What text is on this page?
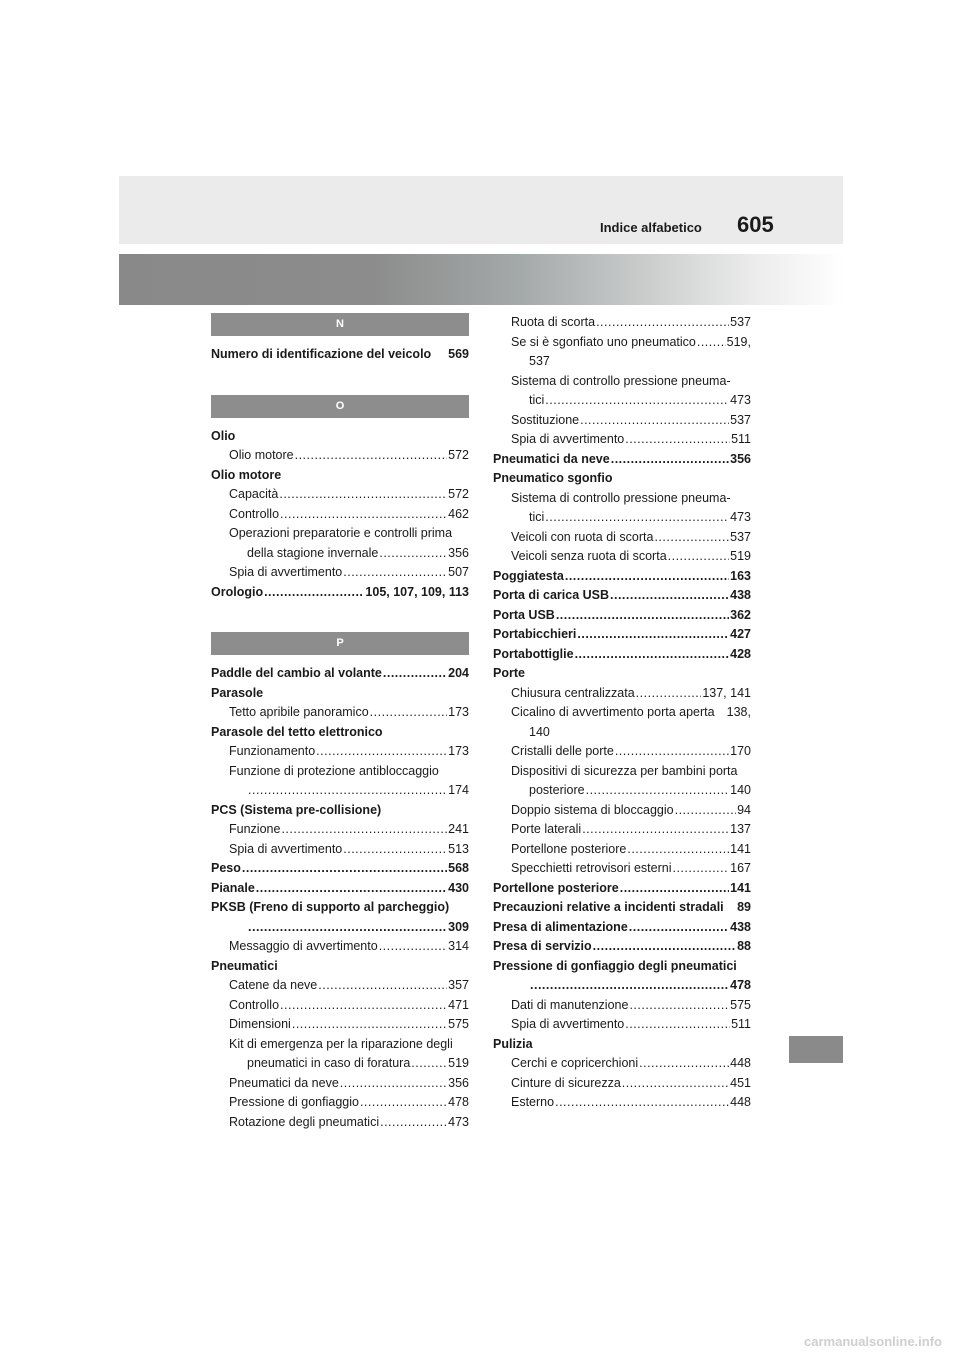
Indice alfabetico 605
N
Numero di identificazione del veicolo 569
O
Olio
Olio motore .....	572
Olio motore
Capacità .....	572
Controllo .....	462
Operazioni preparatorie e controlli prima
della stagione invernale .....	356
Spia di avvertimento .....	507
Orologio .....	105, 107, 109, 113
P
Paddle del cambio al volante .....	204
Parasole
Tetto apribile panoramico .....	173
Parasole del tetto elettronico
Funzionamento .....	173
Funzione di protezione antibloccaggio
.....
174
PCS (Sistema pre-collisione)
Funzione .....	241
Spia di avvertimento .....	513
Peso .....	568
Pianale .....	430
PKSB (Freno di supporto al parcheggio)
.....
309
Messaggio di avvertimento .....	314
Pneumatici
Catene da neve .....	357
Controllo .....	471
Dimensioni .....	575
Kit di emergenza per la riparazione degli
pneumatici in caso di foratura .....	519
Pneumatici da neve .....	356
Pressione di gonfiaggio .....	478
Rotazione degli pneumatici .....	473
Ruota di scorta .....	537
Se si è sgonfiato uno pneumatico ..... 519,
537
Sistema di controllo pressione pneuma-
tici .....	473
Sostituzione .....	537
Spia di avvertimento .....	511
Pneumatici da neve .....	356
Pneumatico sgonfio
Sistema di controllo pressione pneuma-
tici .....	473
Veicoli con ruota di scorta .....	537
Veicoli senza ruota di scorta .....	519
Poggiatesta .....	163
Porta di carica USB .....	438
Porta USB .....	362
Portabicchieri .....	427
Portabottiglie .....	428
Porte
Chiusura centralizzata .....	137, 141
Cicalino di avvertimento porta aperta 138,
140
Cristalli delle porte .....	170
Dispositivi di sicurezza per bambini porta
posteriore .....	140
Doppio sistema di bloccaggio .....	94
Porte laterali .....	137
Portellone posteriore .....	141
Specchietti retrovisori esterni .....	167
Portellone posteriore .....	141
Precauzioni relative a incidenti stradali 89
Presa di alimentazione .....	438
Presa di servizio .....	88
Pressione di gonfiaggio degli pneumatici
.....
478
Dati di manutenzione .....	575
Spia di avvertimento .....	511
Pulizia
Cerchi e copricerchioni .....	448
Cinture di sicurezza .....	451
Esterno .....	448
carmanualsonline.info
